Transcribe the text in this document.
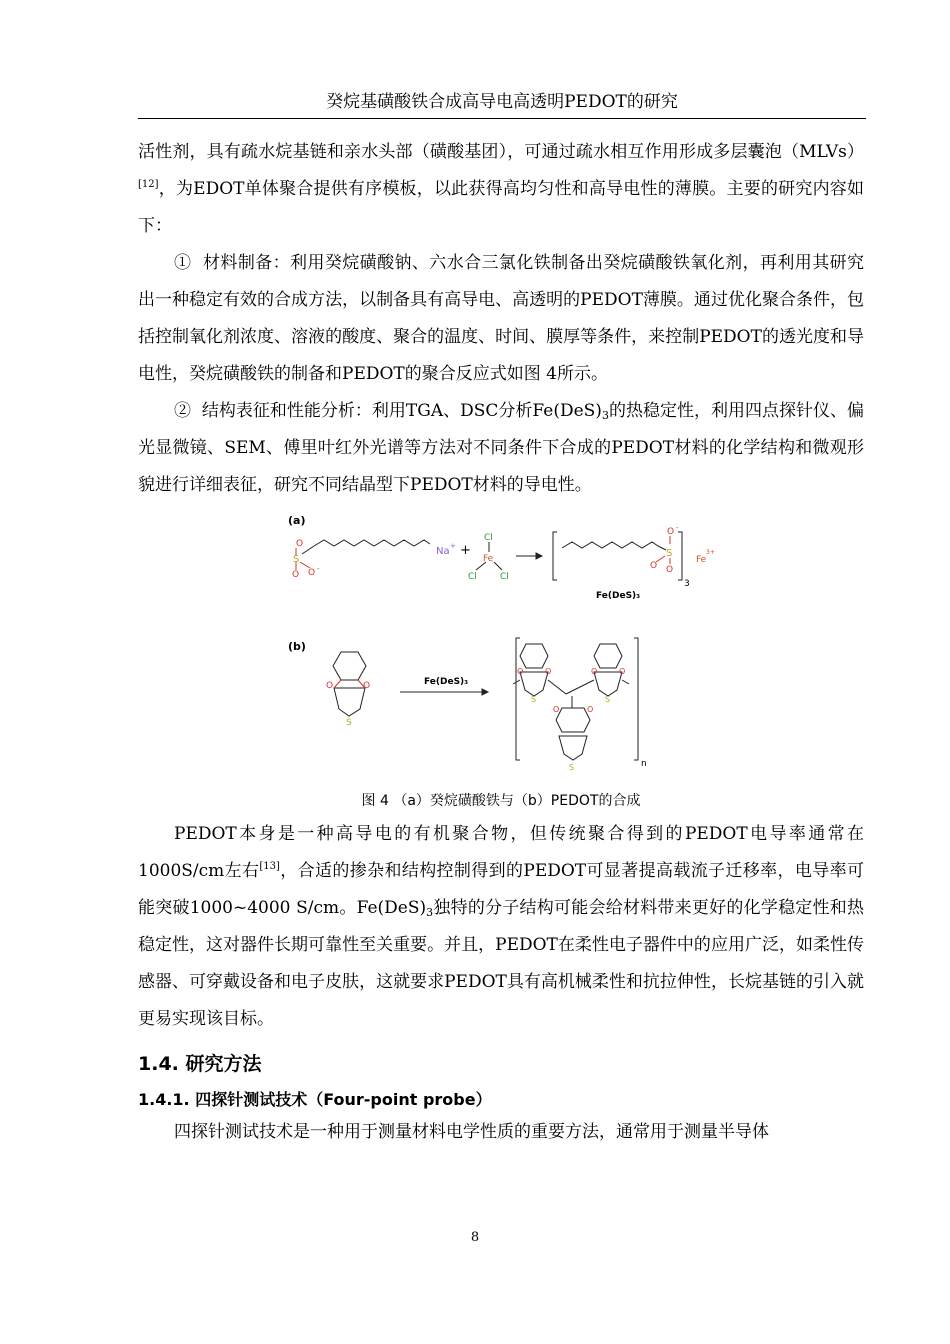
癸烷基磺酸铁合成高导电高透明PEDOT的研究

活性剂，具有疏水烷基链和亲水头部（磺酸基团），可通过疏水相互作用形成多层囊泡（MLVs）[12]，为EDOT单体聚合提供有序模板，以此获得高均匀性和高导电性的薄膜。主要的研究内容如下：

① 材料制备：利用癸烷磺酸钠、六水合三氯化铁制备出癸烷磺酸铁氧化剂，再利用其研究出一种稳定有效的合成方法，以制备具有高导电、高透明的PEDOT薄膜。通过优化聚合条件，包括控制氧化剂浓度、溶液的酸度、聚合的温度、时间、膜厚等条件，来控制PEDOT的透光度和导电性，癸烷磺酸铁的制备和PEDOT的聚合反应式如图 4所示。

② 结构表征和性能分析：利用TGA、DSC分析$Fe(DeS)_3$的热稳定性，利用四点探针仪、偏光显微镜、SEM、傅里叶红外光谱等方法对不同条件下合成的PEDOT材料的化学结构和微观形貌进行详细表征，研究不同结晶型下PEDOT材料的导电性。

(a)
O
S
O O -
Na + +
Cl
Fe
Cl	Cl
O -
S
O
O
3
Fe
3+
Fe(DeS)₃
(b)
O	O
S
Fe(DeS)₃
O	O
S
O	O
S
O	O
S	n

图 4 （a）癸烷磺酸铁与（b）PEDOT的合成

PEDOT本身是一种高导电的有机聚合物，但传统聚合得到的PEDOT电导率通常在1000S/cm左右[13]，合适的掺杂和结构控制得到的PEDOT可显著提高载流子迁移率，电导率可能突破1000~4000 S/cm。$Fe(DeS)_3$独特的分子结构可能会给材料带来更好的化学稳定性和热稳定性，这对器件长期可靠性至关重要。并且，PEDOT在柔性电子器件中的应用广泛，如柔性传感器、可穿戴设备和电子皮肤，这就要求PEDOT具有高机械柔性和抗拉伸性，长烷基链的引入就更易实现该目标。

1.4. 研究方法
1.4.1. 四探针测试技术（Four-point probe）

四探针测试技术是一种用于测量材料电学性质的重要方法，通常用于测量半导体

8
